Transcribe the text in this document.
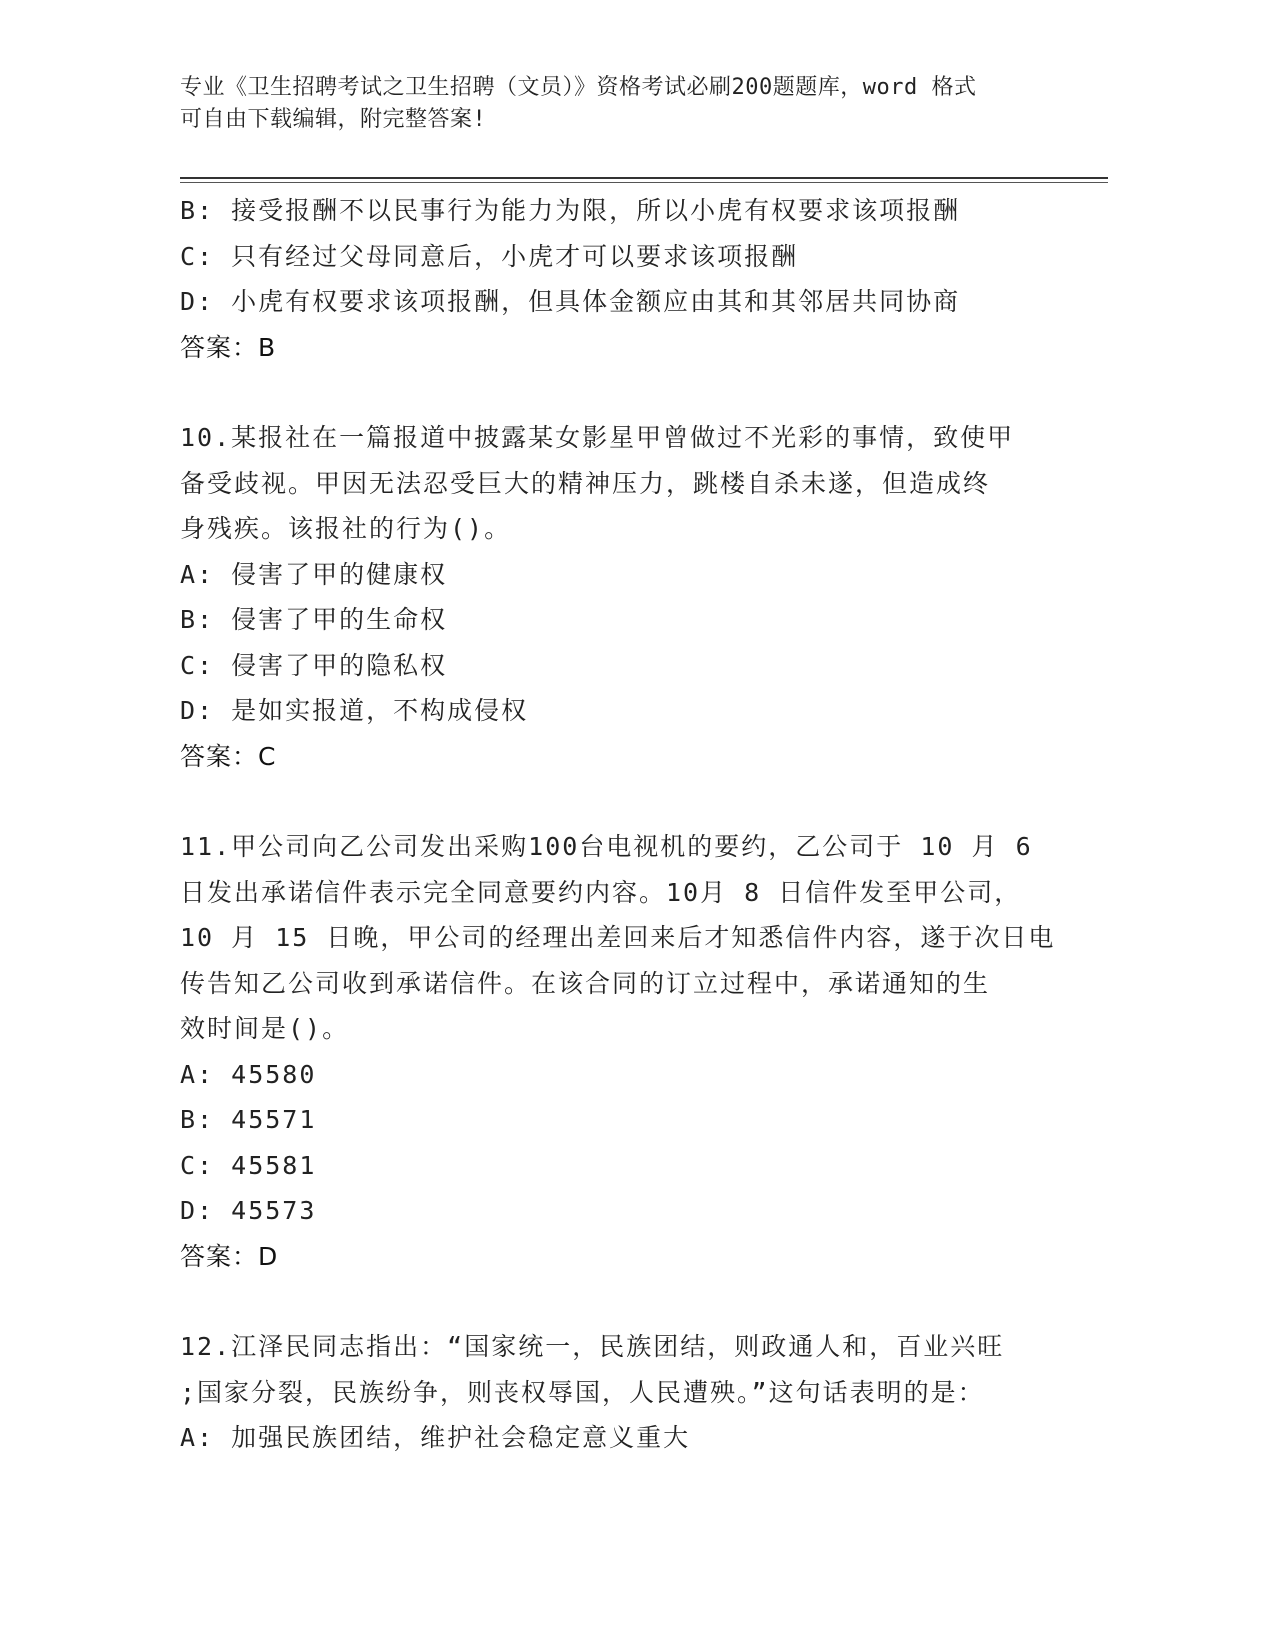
专业《卫生招聘考试之卫生招聘（文员）》资格考试必刷200题题库，word 格式
可自由下载编辑，附完整答案!
B: 接受报酬不以民事行为能力为限，所以小虎有权要求该项报酬
C: 只有经过父母同意后，小虎才可以要求该项报酬
D: 小虎有权要求该项报酬，但具体金额应由其和其邻居共同协商
答案：B
10.某报社在一篇报道中披露某女影星甲曾做过不光彩的事情，致使甲
备受歧视。甲因无法忍受巨大的精神压力，跳楼自杀未遂，但造成终
身残疾。该报社的行为()。
A: 侵害了甲的健康权
B: 侵害了甲的生命权
C: 侵害了甲的隐私权
D: 是如实报道，不构成侵权
答案：C
11.甲公司向乙公司发出采购100台电视机的要约，乙公司于 10 月 6
日发出承诺信件表示完全同意要约内容。10月 8 日信件发至甲公司，
10 月 15 日晚，甲公司的经理出差回来后才知悉信件内容，遂于次日电
传告知乙公司收到承诺信件。在该合同的订立过程中，承诺通知的生
效时间是()。
A: 45580
B: 45571
C: 45581
D: 45573
答案：D
12.江泽民同志指出：“国家统一，民族团结，则政通人和，百业兴旺
;国家分裂，民族纷争，则丧权辱国，人民遭殃。”这句话表明的是：
A: 加强民族团结，维护社会稳定意义重大
